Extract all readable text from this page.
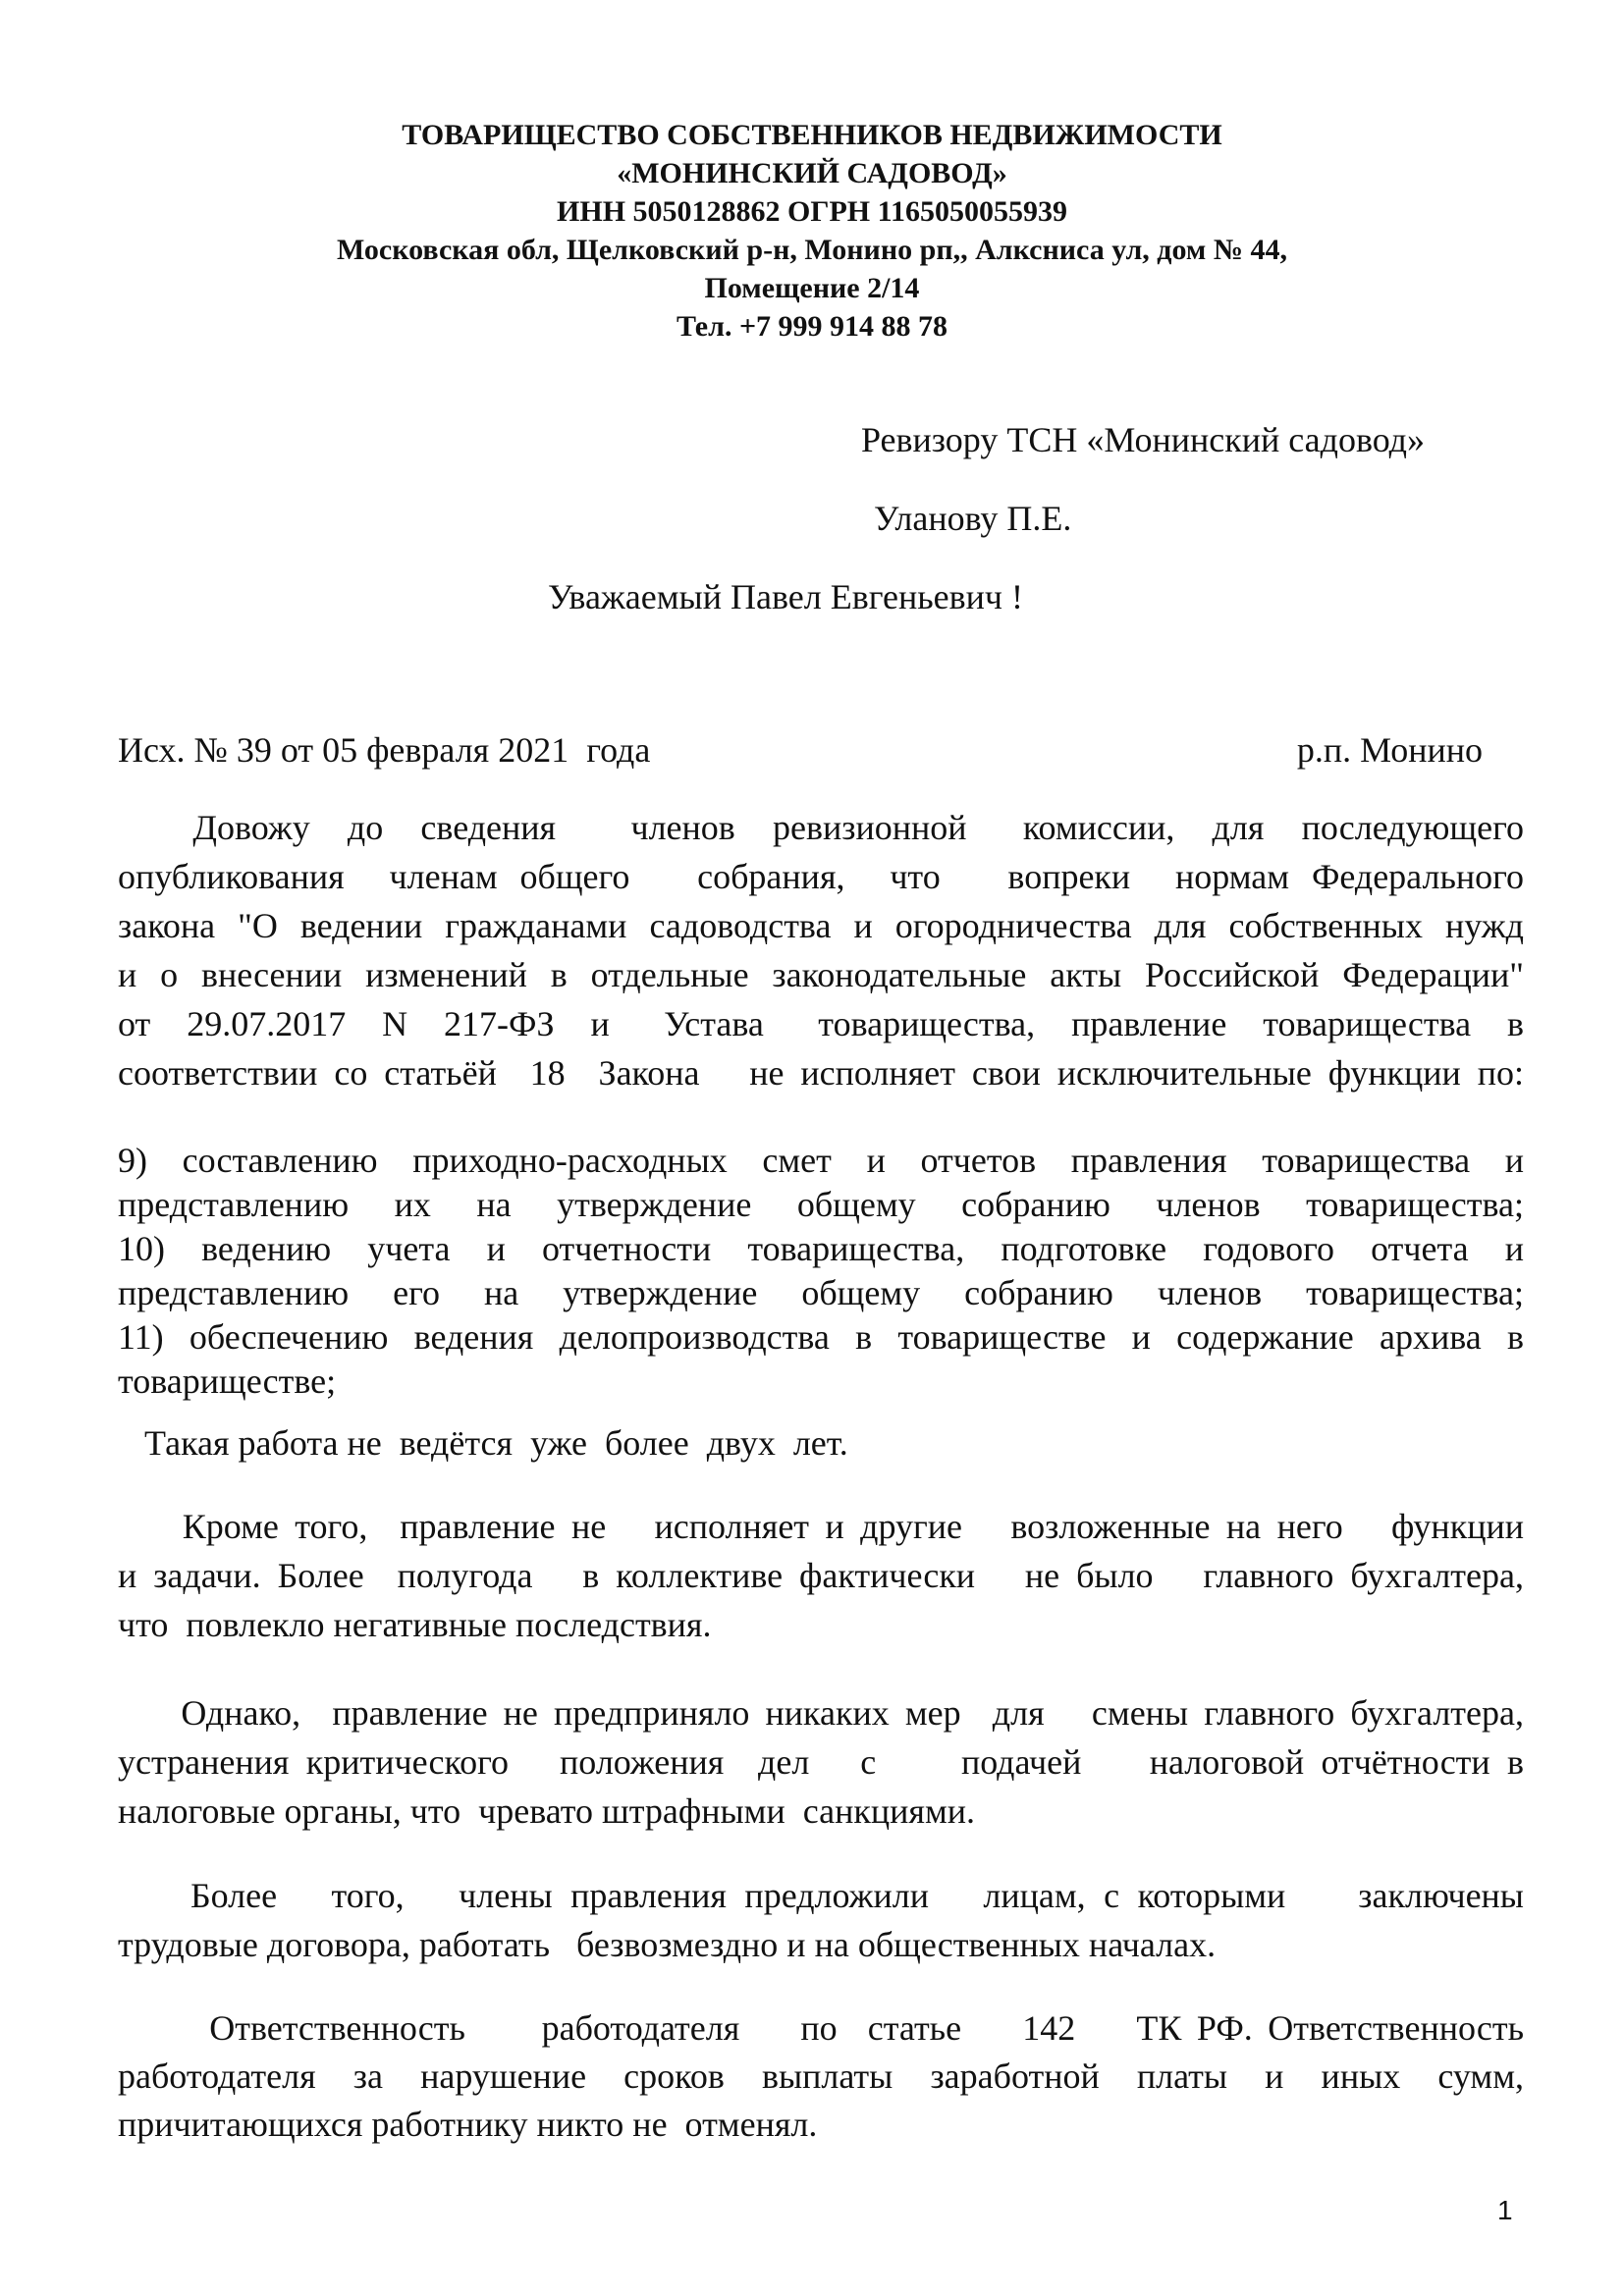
ТОВАРИЩЕСТВО СОБСТВЕННИКОВ НЕДВИЖИМОСТИ
«МОНИНСКИЙ САДОВОД»
ИНН 5050128862 ОГРН 1165050055939
Московская обл, Щелковский р-н, Монино рп,, Алксниса ул, дом № 44,
Помещение 2/14
Тел. +7 999 914 88 78
Ревизору ТСН «Монинский садовод»
Уланову П.Е.
Уважаемый Павел Евгеньевич !
Исх. № 39 от 05 февраля 2021  года	р.п. Монино
Довожу  до  сведения    членов  ревизионной   комиссии,  для  последующего
опубликования  членам общего   собрания,  что   вопреки  нормам Федерального
закона "О ведении гражданами садоводства и огородничества для собственных нужд
и о внесении изменений в отдельные законодательные акты Российской Федерации"
от  29.07.2017  N  217-ФЗ  и   Устава   товарищества,  правление  товарищества  в
соответствии со статьёй  18  Закона   не исполняет свои исключительные функции по:
9)  составлению  приходно-расходных  смет  и  отчетов  правления  товарищества  и
представлению  их  на  утверждение  общему  собранию  членов  товарищества;
10)  ведению  учета  и  отчетности  товарищества,  подготовке  годового  отчета  и
представлению  его  на  утверждение  общему  собранию  членов  товарищества;
11) обеспечению ведения делопроизводства в товариществе и содержание архива в
товариществе;
Такая работа не  ведётся  уже  более  двух  лет.
Кроме того,  правление не   исполняет и другие   возложенные на него   функции
и задачи. Более  полугода   в коллективе фактически   не было   главного бухгалтера,
что  повлекло негативные последствия.
Однако,  правление не предприняло никаких мер  для   смены главного бухгалтера,
устранения критического   положения  дел   с     подачей    налоговой отчётности в
налоговые органы, что  чревато штрафными  санкциями.
Более   того,   члены правления предложили   лицам, с которыми    заключены
трудовые договора, работать   безвозмездно и на общественных началах.
Ответственность     работодателя    по  статье    142    ТК РФ. Ответственность
работодателя  за  нарушение  сроков  выплаты  заработной  платы  и  иных  сумм,
причитающихся работнику никто не  отменял.
1
